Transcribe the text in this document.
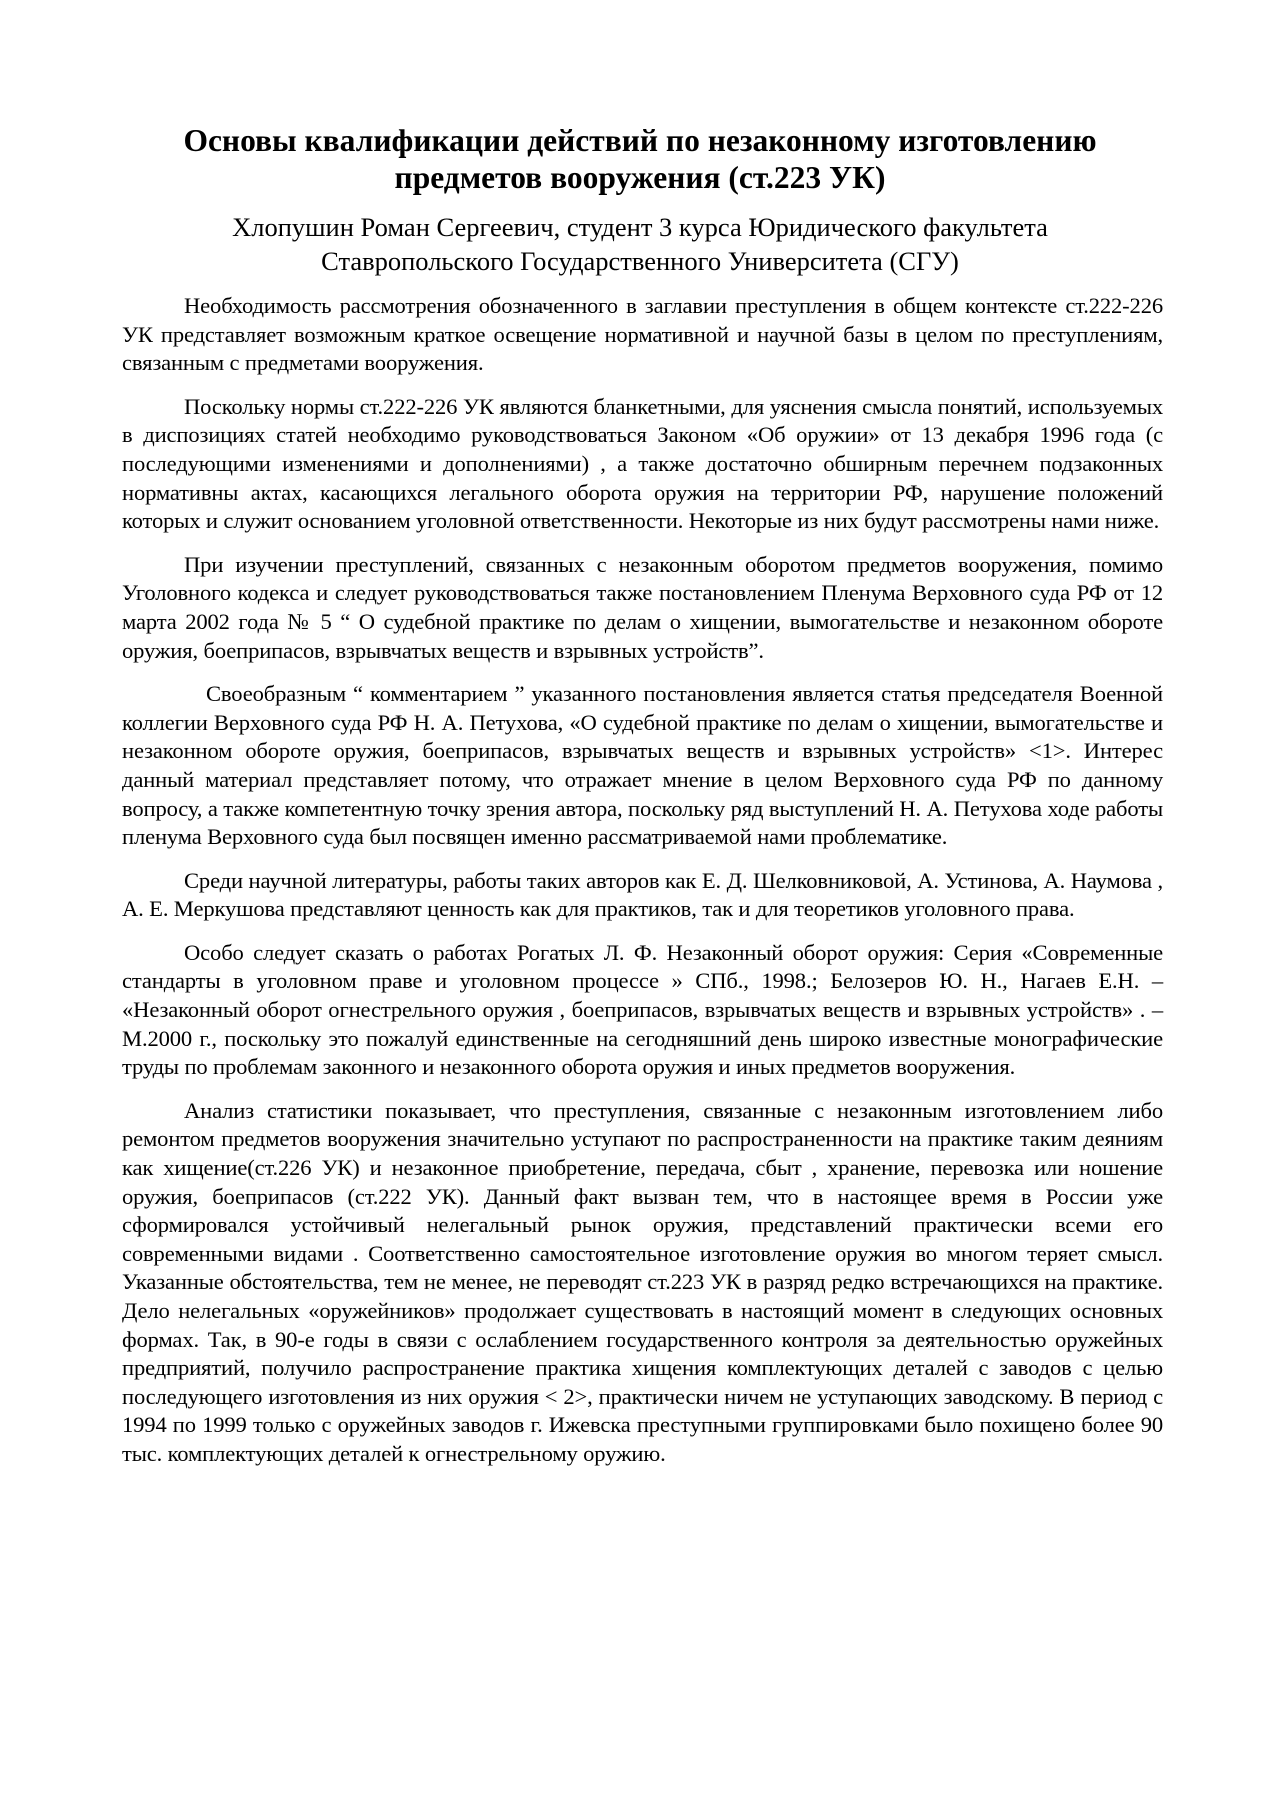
Основы квалификации действий по незаконному изготовлению предметов вооружения (ст.223 УК)
Хлопушин Роман Сергеевич, студент 3 курса Юридического факультета
Ставропольского Государственного Университета (СГУ)

Необходимость рассмотрения обозначенного в заглавии преступления в общем контексте ст.222-226 УК представляет возможным краткое освещение нормативной и научной базы в целом по преступлениям, связанным с предметами вооружения.

Поскольку нормы ст.222-226 УК являются бланкетными, для уяснения смысла понятий, используемых в диспозициях статей необходимо руководствоваться Законом «Об оружии» от 13 декабря 1996 года (с последующими изменениями и дополнениями) , а также достаточно обширным перечнем подзаконных нормативны актах, касающихся легального оборота оружия на территории РФ, нарушение положений которых и служит основанием уголовной ответственности. Некоторые из них будут рассмотрены нами ниже.

При изучении преступлений, связанных с незаконным оборотом предметов вооружения, помимо Уголовного кодекса и следует руководствоваться также постановлением Пленума Верховного суда РФ от 12 марта 2002 года № 5 “ О судебной практике по делам о хищении, вымогательстве и незаконном обороте оружия, боеприпасов, взрывчатых веществ и взрывных устройств”.

Своеобразным “ комментарием ” указанного постановления является статья председателя Военной коллегии Верховного суда РФ Н. А. Петухова, «О судебной практике по делам о хищении, вымогательстве и незаконном обороте оружия, боеприпасов, взрывчатых веществ и взрывных устройств» <1>. Интерес данный материал представляет потому, что отражает мнение в целом Верховного суда РФ по данному вопросу, а также компетентную точку зрения автора, поскольку ряд выступлений Н. А. Петухова ходе работы пленума Верховного суда был посвящен именно рассматриваемой нами проблематике.

Среди научной литературы, работы таких авторов как Е. Д. Шелковниковой, А. Устинова, А. Наумова , А. Е. Меркушова представляют ценность как для практиков, так и для теоретиков уголовного права.

Особо следует сказать о работах Рогатых Л. Ф. Незаконный оборот оружия: Серия «Современные стандарты в уголовном праве и уголовном процессе » СПб., 1998.; Белозеров Ю. Н., Нагаев Е.Н. – «Незаконный оборот огнестрельного оружия , боеприпасов, взрывчатых веществ и взрывных устройств» . – М.2000 г., поскольку это пожалуй единственные на сегодняшний день широко известные монографические труды по проблемам законного и незаконного оборота оружия и иных предметов вооружения.

Анализ статистики показывает, что преступления, связанные с незаконным изготовлением либо ремонтом предметов вооружения значительно уступают по распространенности на практике таким деяниям как хищение(ст.226 УК) и незаконное приобретение, передача, сбыт , хранение, перевозка или ношение оружия, боеприпасов (ст.222 УК). Данный факт вызван тем, что в настоящее время в России уже сформировался устойчивый нелегальный рынок оружия, представлений практически всеми его современными видами . Соответственно самостоятельное изготовление оружия во многом теряет смысл. Указанные обстоятельства, тем не менее, не переводят ст.223 УК в разряд редко встречающихся на практике. Дело нелегальных «оружейников» продолжает существовать в настоящий момент в следующих основных формах. Так, в 90-е годы в связи с ослаблением государственного контроля за деятельностью оружейных предприятий, получило распространение практика хищения комплектующих деталей с заводов с целью последующего изготовления из них оружия < 2>, практически ничем не уступающих заводскому. В период с 1994 по 1999 только с оружейных заводов г. Ижевска преступными группировками было похищено более 90 тыс. комплектующих деталей к огнестрельному оружию.
